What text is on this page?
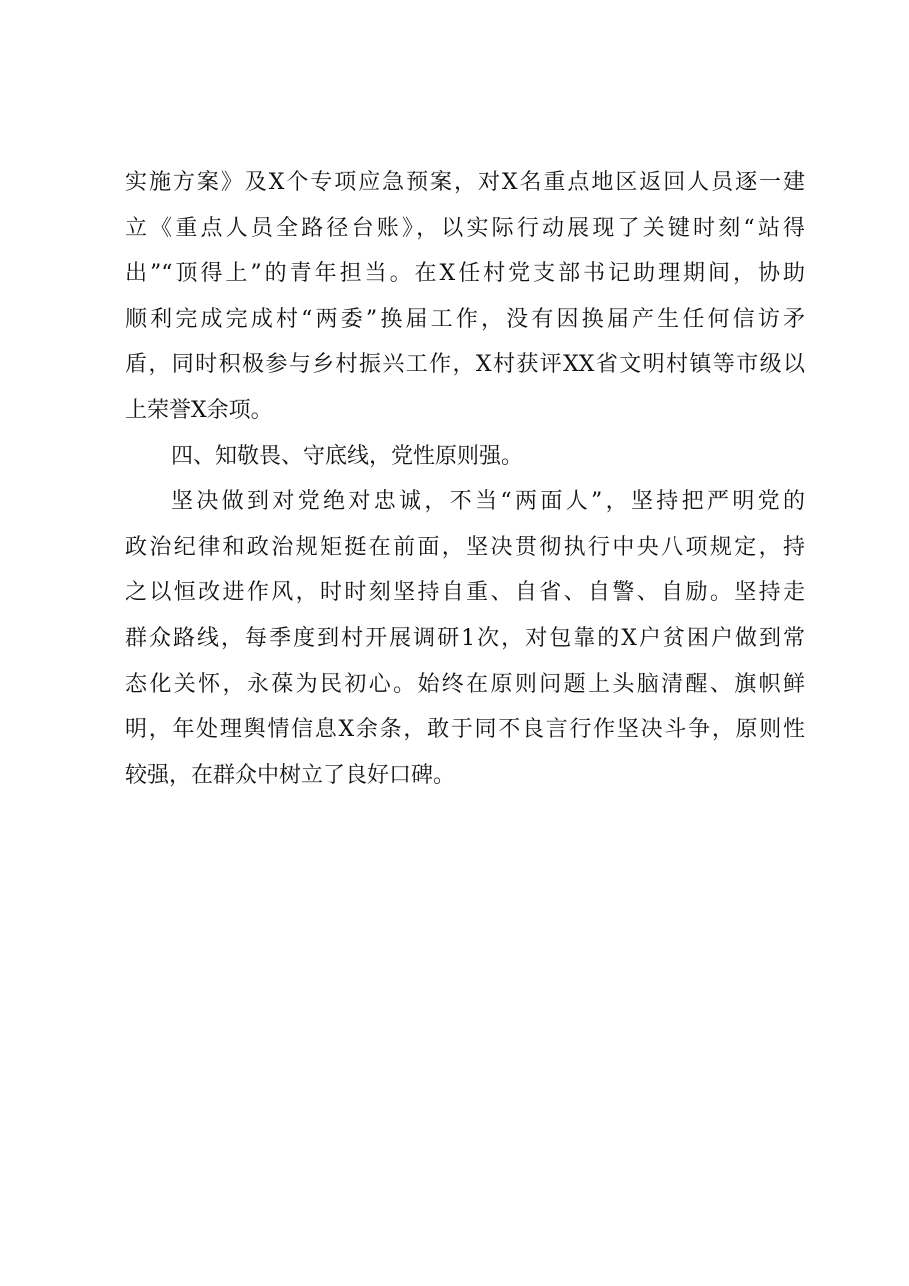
实施方案》及X个专项应急预案，对X名重点地区返回人员逐一建
立《重点人员全路径台账》，以实际行动展现了关键时刻“站得
出”“顶得上”的青年担当。在X任村党支部书记助理期间，协助
顺利完成完成村“两委”换届工作，没有因换届产生任何信访矛
盾，同时积极参与乡村振兴工作，X村获评XX省文明村镇等市级以
上荣誉X余项。
四、知敬畏、守底线，党性原则强。
坚决做到对党绝对忠诚，不当“两面人”，坚持把严明党的
政治纪律和政治规矩挺在前面，坚决贯彻执行中央八项规定，持
之以恒改进作风，时时刻坚持自重、自省、自警、自励。坚持走
群众路线，每季度到村开展调研1次，对包靠的X户贫困户做到常
态化关怀，永葆为民初心。始终在原则问题上头脑清醒、旗帜鲜
明，年处理舆情信息X余条，敢于同不良言行作坚决斗争，原则性
较强，在群众中树立了良好口碑。
